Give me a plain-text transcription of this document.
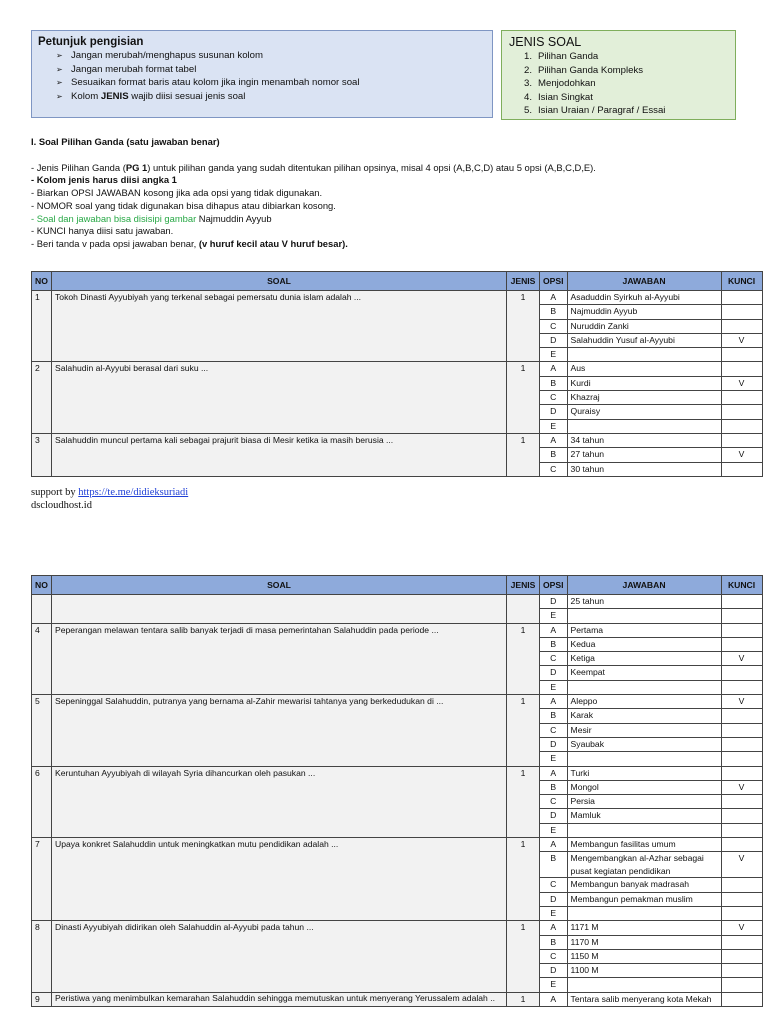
Petunjuk pengisian
➢ Jangan merubah/menghapus susunan kolom
➢ Jangan merubah format tabel
➢ Sesuaikan format baris atau kolom jika ingin menambah nomor soal
➢ Kolom JENIS wajib diisi sesuai jenis soal
JENIS SOAL
1. Pilihan Ganda
2. Pilihan Ganda Kompleks
3. Menjodohkan
4. Isian Singkat
5. Isian Uraian / Paragraf / Essai
I. Soal Pilihan Ganda (satu jawaban benar)
- Jenis Pilihan Ganda (PG 1) untuk pilihan ganda yang sudah ditentukan pilihan opsinya, misal 4 opsi (A,B,C,D) atau 5 opsi (A,B,C,D,E).
- Kolom jenis harus diisi angka 1
- Biarkan OPSI JAWABAN kosong jika ada opsi yang tidak digunakan.
- NOMOR soal yang tidak digunakan bisa dihapus atau dibiarkan kosong.
- Soal dan jawaban bisa disisipi gambar Najmuddin Ayyub
- KUNCI hanya diisi satu jawaban.
- Beri tanda v pada opsi jawaban benar, (v huruf kecil atau V huruf besar).
NO	SOAL	JENIS	OPSI	JAWABAN	KUNCI
1	Tokoh Dinasti Ayyubiyah yang terkenal sebagai pemersatu dunia islam adalah ...	1	A	Asaduddin Syirkuh al-Ayyubi	
			B	Najmuddin Ayyub	
			C	Nuruddin Zanki	
			D	Salahuddin Yusuf al-Ayyubi	V
			E		
2	Salahudin al-Ayyubi berasal dari suku ...	1	A	Aus	
			B	Kurdi	V
			C	Khazraj	
			D	Quraisy	
			E		
3	Salahuddin muncul pertama kali sebagai prajurit biasa di Mesir ketika ia masih berusia ...	1	A	34 tahun	
			B	27 tahun	V
			C	30 tahun	
support by https://te.me/didieksuriadi
dscloudhost.id
NO	SOAL	JENIS	OPSI	JAWABAN	KUNCI
			D	25 tahun	
			E		
4	Peperangan melawan tentara salib banyak terjadi di masa pemerintahan Salahuddin pada periode ...	1	A	Pertama	
			B	Kedua	
			C	Ketiga	V
			D	Keempat	
			E		
5	Sepeninggal Salahuddin, putranya yang bernama al-Zahir mewarisi tahtanya yang berkedudukan di ...	1	A	Aleppo	V
			B	Karak	
			C	Mesir	
			D	Syaubak	
			E		
6	Keruntuhan Ayyubiyah di wilayah Syria dihancurkan oleh pasukan ...	1	A	Turki	
			B	Mongol	V
			C	Persia	
			D	Mamluk	
			E		
7	Upaya konkret Salahuddin untuk meningkatkan mutu pendidikan adalah ...	1	A	Membangun fasilitas umum	
			B	Mengembangkan al-Azhar sebagai pusat kegiatan pendidikan	V
			C	Membangun banyak madrasah	
			D	Membangun pemakman muslim	
			E		
8	Dinasti Ayyubiyah didirikan oleh Salahuddin al-Ayyubi pada tahun ...	1	A	1171 M	V
			B	1170 M	
			C	1150 M	
			D	1100 M	
			E		
9	Peristiwa yang menimbulkan kemarahan Salahuddin sehingga memutuskan untuk menyerang Yerussalem adalah ..	1	A	Tentara salib menyerang kota Mekah	
